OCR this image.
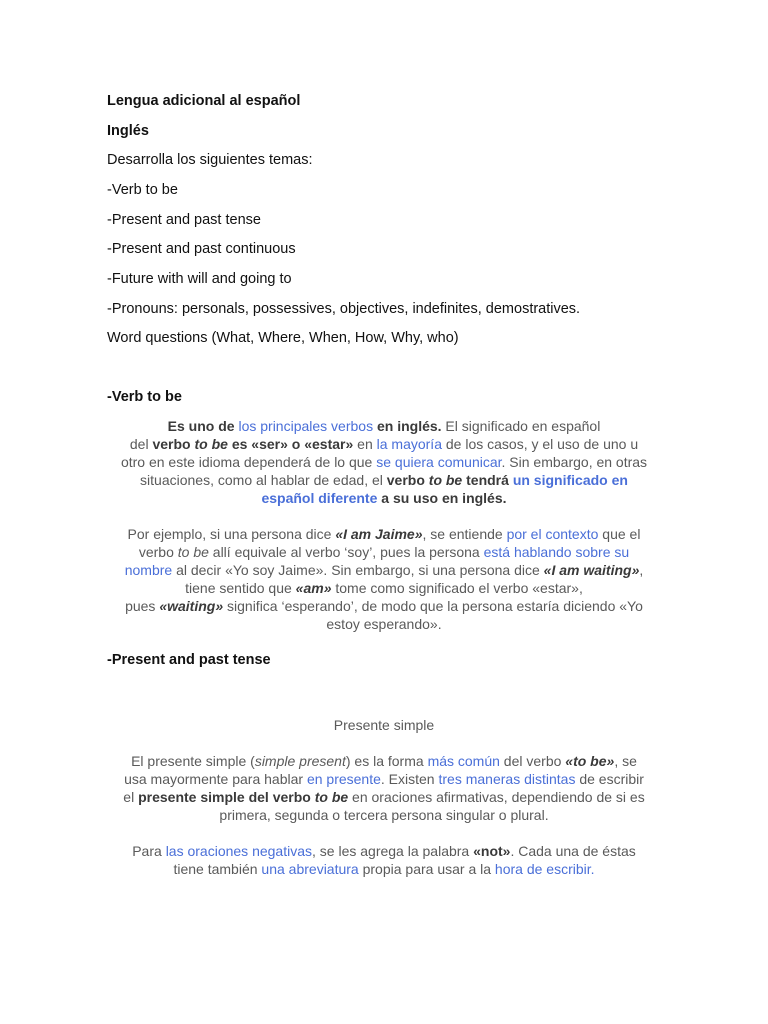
Lengua adicional al español
Inglés
Desarrolla los siguientes temas:
-Verb to be
-Present and past tense
-Present and past continuous
-Future with will and going to
-Pronouns: personals, possessives, objectives, indefinites, demostratives.
Word questions (What, Where, When, How, Why, who)
-Verb to be
Es uno de los principales verbos en inglés. El significado en español
del verbo to be es «ser» o «estar» en la mayoría de los casos, y el uso de uno u
otro en este idioma dependerá de lo que se quiera comunicar. Sin embargo, en otras
situaciones, como al hablar de edad, el verbo to be tendrá un significado en
español diferente a su uso en inglés.
Por ejemplo, si una persona dice «I am Jaime», se entiende por el contexto que el
verbo to be allí equivale al verbo ‘soy’, pues la persona está hablando sobre su
nombre al decir «Yo soy Jaime». Sin embargo, si una persona dice «I am waiting»,
tiene sentido que «am» tome como significado el verbo «estar»,
pues «waiting» significa ‘esperando’, de modo que la persona estaría diciendo «Yo
estoy esperando».
-Present and past tense
Presente simple
El presente simple (simple present) es la forma más común del verbo «to be», se
usa mayormente para hablar en presente. Existen tres maneras distintas de escribir
el presente simple del verbo to be en oraciones afirmativas, dependiendo de si es
primera, segunda o tercera persona singular o plural.
Para las oraciones negativas, se les agrega la palabra «not». Cada una de éstas
tiene también una abreviatura propia para usar a la hora de escribir.
